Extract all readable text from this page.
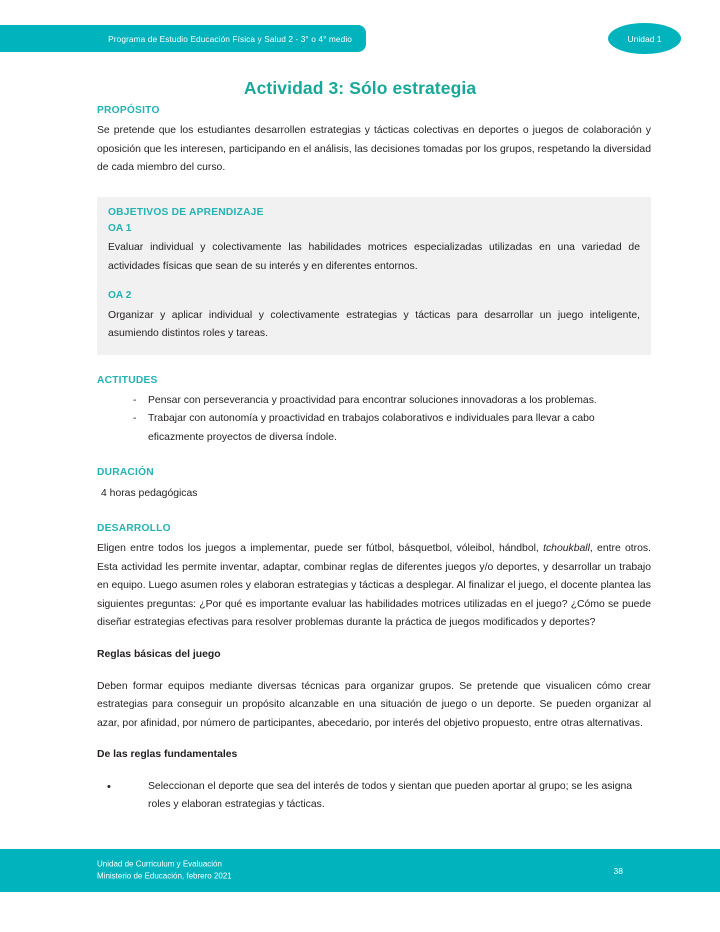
Programa de Estudio Educación Física y Salud 2 - 3° o 4° medio	Unidad 1
Actividad 3: Sólo estrategia
PROPÓSITO

Se pretende que los estudiantes desarrollen estrategias y tácticas colectivas en deportes o juegos de colaboración y oposición que les interesen, participando en el análisis, las decisiones tomadas por los grupos, respetando la diversidad de cada miembro del curso.

OBJETIVOS DE APRENDIZAJE
OA 1

Evaluar individual y colectivamente las habilidades motrices especializadas utilizadas en una variedad de actividades físicas que sean de su interés y en diferentes entornos.

OA 2

Organizar y aplicar individual y colectivamente estrategias y tácticas para desarrollar un juego inteligente, asumiendo distintos roles y tareas.

ACTITUDES
- Pensar con perseverancia y proactividad para encontrar soluciones innovadoras a los problemas.
- Trabajar con autonomía y proactividad en trabajos colaborativos e individuales para llevar a cabo eficazmente proyectos de diversa índole.
DURACIÓN

4 horas pedagógicas

DESARROLLO

Eligen entre todos los juegos a implementar, puede ser fútbol, básquetbol, vóleibol, hándbol, tchoukball, entre otros. Esta actividad les permite inventar, adaptar, combinar reglas de diferentes juegos y/o deportes, y desarrollar un trabajo en equipo. Luego asumen roles y elaboran estrategias y tácticas a desplegar. Al finalizar el juego, el docente plantea las siguientes preguntas: ¿Por qué es importante evaluar las habilidades motrices utilizadas en el juego? ¿Cómo se puede diseñar estrategias efectivas para resolver problemas durante la práctica de juegos modificados y deportes?

Reglas básicas del juego

Deben formar equipos mediante diversas técnicas para organizar grupos. Se pretende que visualicen cómo crear estrategias para conseguir un propósito alcanzable en una situación de juego o un deporte. Se pueden organizar al azar, por afinidad, por número de participantes, abecedario, por interés del objetivo propuesto, entre otras alternativas.

De las reglas fundamentales

• Seleccionan el deporte que sea del interés de todos y sientan que pueden aportar al grupo; se les asigna roles y elaboran estrategias y tácticas.
Unidad de Curriculum y Evaluación
Ministerio de Educación, febrero 2021
38
